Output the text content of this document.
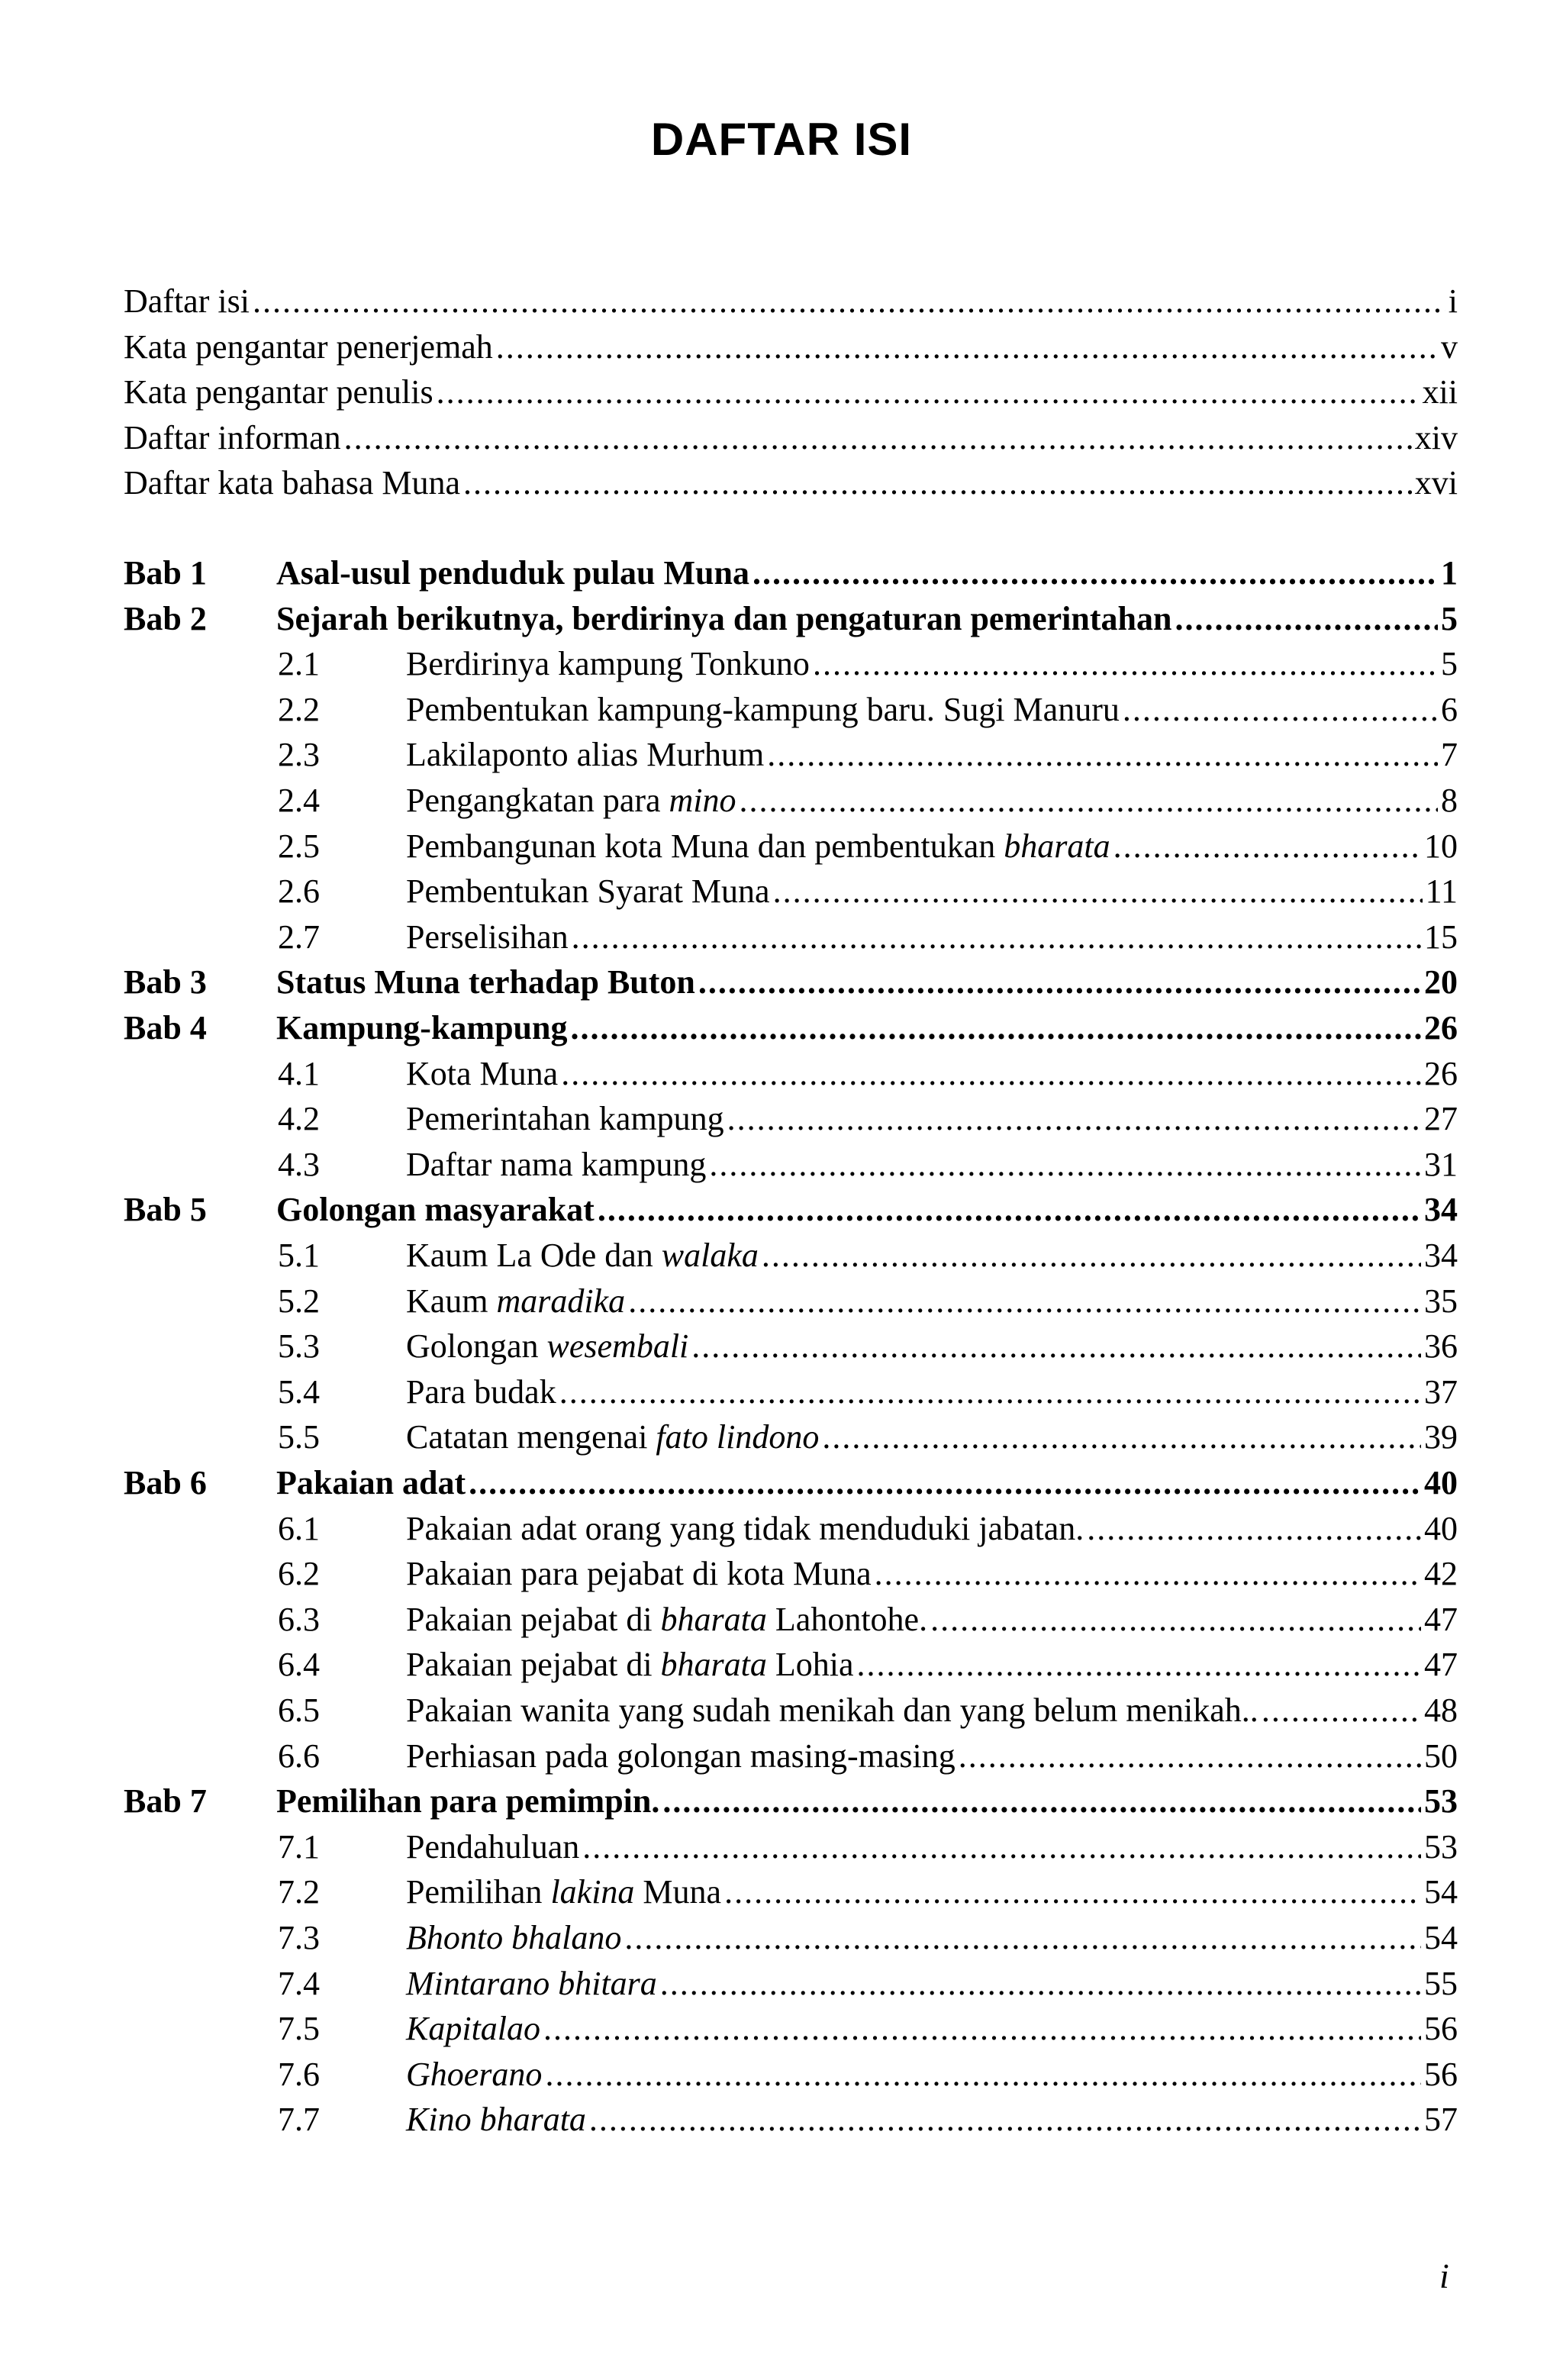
DAFTAR ISI
Daftar isi .....	i
Kata pengantar penerjemah .....	v
Kata pengantar penulis .....	xii
Daftar informan .....	xiv
Daftar kata bahasa Muna .....	xvi
Bab 1 Asal-usul penduduk pulau Muna .....	1
Bab 2 Sejarah berikutnya, berdirinya dan pengaturan pemerintahan .....	5
2.1	Berdirinya kampung Tonkuno .....	5
2.2	Pembentukan kampung-kampung baru. Sugi Manuru .....	6
2.3	Lakilaponto alias Murhum .....	7
2.4	Pengangkatan para mino .....	8
2.5	Pembangunan kota Muna dan pembentukan bharata .....	10
2.6	Pembentukan Syarat Muna .....	11
2.7	Perselisihan .....	15
Bab 3 Status Muna terhadap Buton .....	20
Bab 4 Kampung-kampung .....	26
4.1	Kota Muna .....	26
4.2	Pemerintahan kampung .....	27
4.3	Daftar nama kampung .....	31
Bab 5 Golongan masyarakat .....	34
5.1	Kaum La Ode dan walaka .....	34
5.2	Kaum maradika .....	35
5.3	Golongan wesembali .....	36
5.4	Para budak .....	37
5.5	Catatan mengenai fato lindono .....	39
Bab 6 Pakaian adat .....	40
6.1	Pakaian adat orang yang tidak menduduki jabatan. .....	40
6.2	Pakaian para pejabat di kota Muna .....	42
6.3	Pakaian pejabat di bharata Lahontohe. .....	47
6.4	Pakaian pejabat di bharata Lohia .....	47
6.5	Pakaian wanita yang sudah menikah dan yang belum menikah.. .....	48
6.6	Perhiasan pada golongan masing-masing .....	50
Bab 7 Pemilihan para pemimpin. .....	53
7.1	Pendahuluan .....	53
7.2	Pemilihan lakina Muna .....	54
7.3	Bhonto bhalano .....	54
7.4	Mintarano bhitara .....	55
7.5	Kapitalao .....	56
7.6	Ghoerano .....	56
7.7	Kino bharata .....	57
i
